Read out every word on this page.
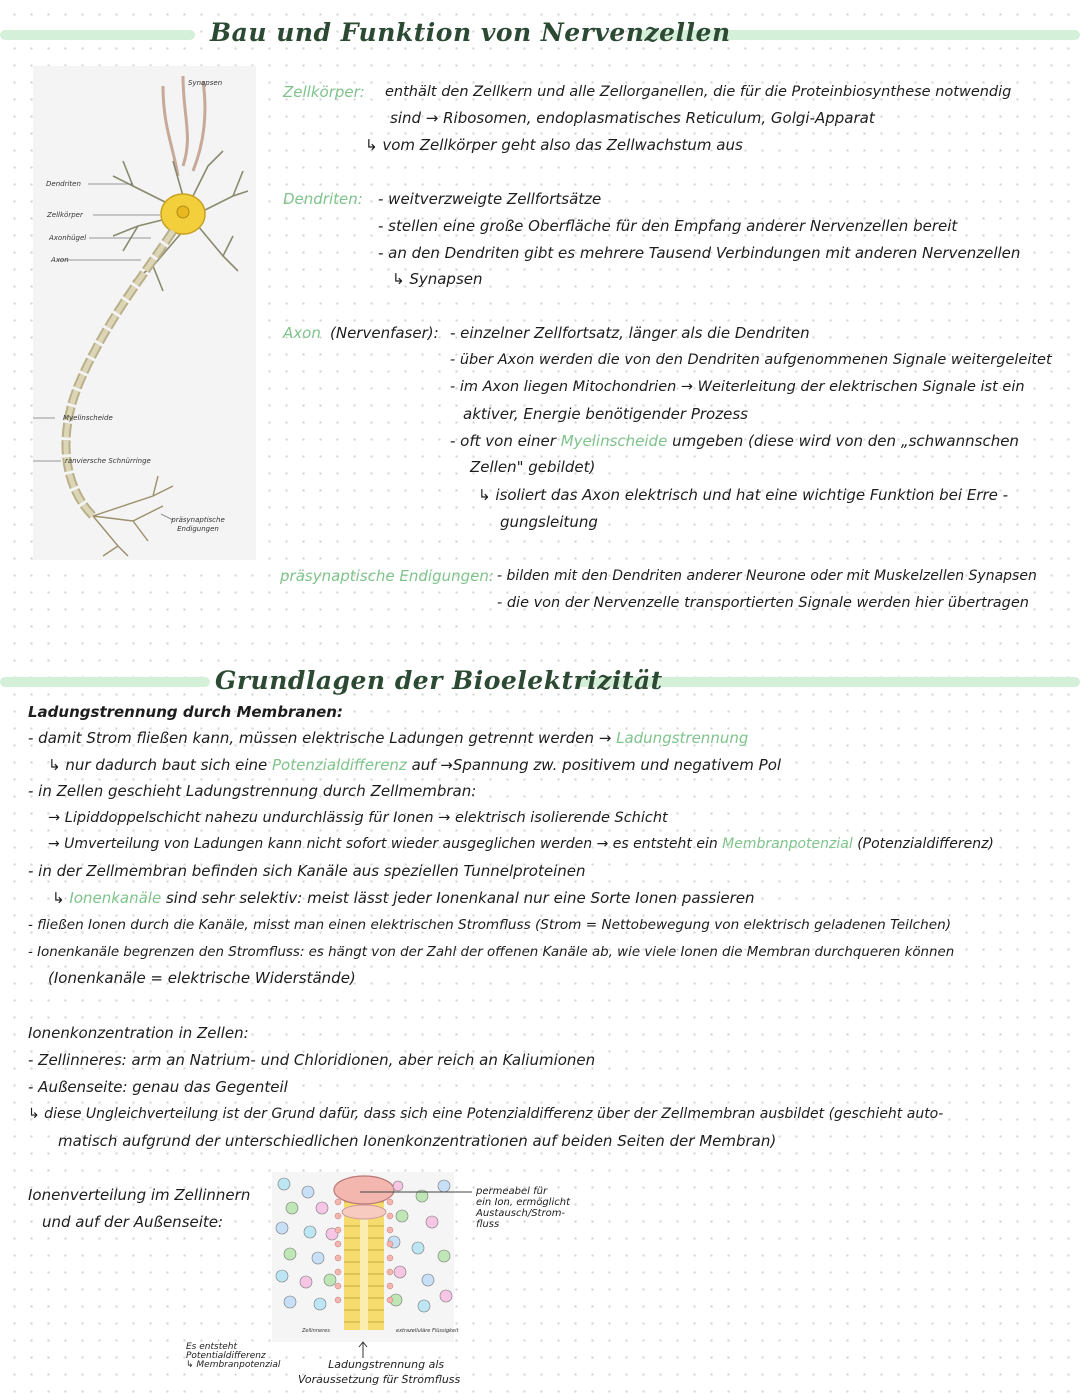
Bau und Funktion von Nervenzellen
Synapsen
Dendriten
Zellkörper
Axonhügel
Axon
Myelinscheide
ranviersche Schnürringe
präsynaptische Endigungen
Zellkörper: enthält den Zellkern und alle Zellorganellen, die für die Proteinbiosynthese notwendig
sind → Ribosomen, endoplasmatisches Reticulum, Golgi-Apparat
↳ vom Zellkörper geht also das Zellwachstum aus
Dendriten: - weitverzweigte Zellfortsätze
- stellen eine große Oberfläche für den Empfang anderer Nervenzellen bereit
- an den Dendriten gibt es mehrere Tausend Verbindungen mit anderen Nervenzellen
↳ Synapsen
Axon (Nervenfaser): - einzelner Zellfortsatz, länger als die Dendriten
- über Axon werden die von den Dendriten aufgenommenen Signale weitergeleitet
- im Axon liegen Mitochondrien → Weiterleitung der elektrischen Signale ist ein
aktiver, Energie benötigender Prozess
- oft von einer Myelinscheide umgeben (diese wird von den „schwannschen
Zellen" gebildet)
↳ isoliert das Axon elektrisch und hat eine wichtige Funktion bei Erre -
gungsleitung
präsynaptische Endigungen: - bilden mit den Dendriten anderer Neurone oder mit Muskelzellen Synapsen
- die von der Nervenzelle transportierten Signale werden hier übertragen
Grundlagen der Bioelektrizität
Ladungstrennung durch Membranen:
- damit Strom fließen kann, müssen elektrische Ladungen getrennt werden → Ladungstrennung
↳ nur dadurch baut sich eine Potenzialdifferenz auf →Spannung zw. positivem und negativem Pol
- in Zellen geschieht Ladungstrennung durch Zellmembran:
→ Lipiddoppelschicht nahezu undurchlässig für Ionen → elektrisch isolierende Schicht
→ Umverteilung von Ladungen kann nicht sofort wieder ausgeglichen werden → es entsteht ein Membranpotenzial (Potenzialdifferenz)
- in der Zellmembran befinden sich Kanäle aus speziellen Tunnelproteinen
↳ Ionenkanäle sind sehr selektiv: meist lässt jeder Ionenkanal nur eine Sorte Ionen passieren
- fließen Ionen durch die Kanäle, misst man einen elektrischen Stromfluss (Strom = Nettobewegung von elektrisch geladenen Teilchen)
- Ionenkanäle begrenzen den Stromfluss: es hängt von der Zahl der offenen Kanäle ab, wie viele Ionen die Membran durchqueren können
(Ionenkanäle = elektrische Widerstände)
Ionenkonzentration in Zellen:
- Zellinneres: arm an Natrium- und Chloridionen, aber reich an Kaliumionen
- Außenseite: genau das Gegenteil
↳ diese Ungleichverteilung ist der Grund dafür, dass sich eine Potenzialdifferenz über der Zellmembran ausbildet (geschieht auto-
matisch aufgrund der unterschiedlichen Ionenkonzentrationen auf beiden Seiten der Membran)
Ionenverteilung im Zellinnern
und auf der Außenseite:
Zellinneres	extrazelluläre Flüssigkeit
permeabel für
ein Ion, ermöglicht
Austausch/Strom-
fluss
Es entsteht
Potentialdifferenz
↳ Membranpotenzial	Ladungstrennung als
Voraussetzung für Stromfluss
